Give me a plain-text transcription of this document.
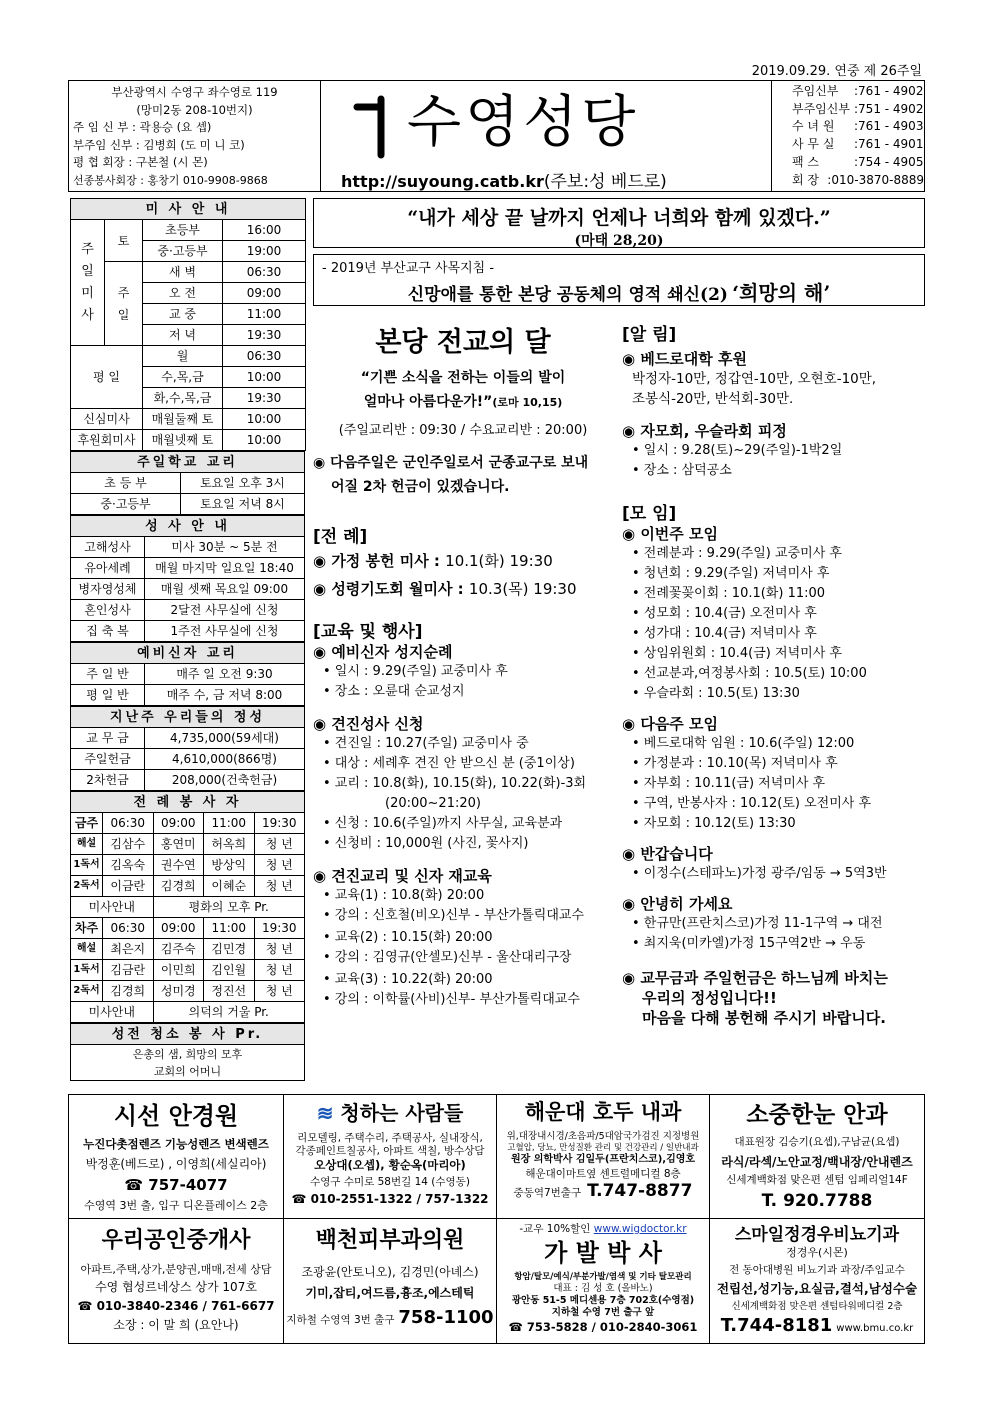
2019.09.29. 연중 제 26주일
부산광역시 수영구 좌수영로 119
(망미2동 208-10번지)
주 임 신 부 : 곽용승 (요 셉)
부주임 신부 : 김병희 (도 미 니 코)
평 협 회장 : 구본철 (시 몬)
선종봉사회장 : 홍창기 010-9908-9868
수영성당
http://suyoung.catb.kr(주보:성 베드로)
주임신부	: 761 - 4902
부주임신부 : 751 - 4902
수 녀 원	: 761 - 4903
사 무 실	: 761 - 4901
팩 스	: 754 - 4905
회 장 : 010-3870-8889
미 사 안 내			
주일미사	토	초등부	16:00
		중·고등부	19:00
	주일	새 벽	06:30
		오 전	09:00
		교 중	11:00
		저 녁	19:30
평 일		월	06:30
		수,목,금	10:00
		화,수,목,금	19:30
신심미사		매월둘째 토	10:00
후원회미사		매월넷째 토	10:00
주일학교 교리	
초 등 부	토요일 오후 3시
중·고등부	토요일 저녁 8시
성 사 안 내	
고해성사	미사 30분 ~ 5분 전
유아세례	매월 마지막 일요일 18:40
병자영성체	매월 셋째 목요일 09:00
혼인성사	2달전 사무실에 신청
집 축 복	1주전 사무실에 신청
예비신자 교리	
주 일 반	매주 일 오전 9:30
평 일 반	매주 수, 금 저녁 8:00
지난주 우리들의 정성	
교 무 금	4,735,000(59세대)
주일헌금	4,610,000(866명)
2차헌금	208,000(건축헌금)
전 례 봉 사 자				
금주	06:30	09:00	11:00	19:30
해설	김삼수	홍연미	허옥희	청 년
1독서	김옥숙	권수연	방상익	청 년
2독서	이금란	김경희	이혜순	청 년
미사안내		평화의 모후 Pr.		
차주	06:30	09:00	11:00	19:30
해설	최은지	김주숙	김민경	청 년
1독서	김금란	이민희	김인월	청 년
2독서	김경희	성미경	정진선	청 년
미사안내		의덕의 거울 Pr.		
성전 청소 봉 사 Pr.

은총의 샘, 희망의 모후
교회의 어머니
“내가 세상 끝 날까지 언제나 너희와 함께 있겠다.”
(마태 28,20)
- 2019년 부산교구 사목지침 -
신망애를 통한 본당 공동체의 영적 쇄신(2) ‘희망의 해’
본당 전교의 달
“기쁜 소식을 전하는 이들의 발이
얼마나 아름다운가!”(로마 10,15)
(주일교리반 : 09:30 / 수요교리반 : 20:00)
◉ 다음주일은 군인주일로서 군종교구로 보내
어질 2차 헌금이 있겠습니다.
[전 례]
◉ 가정 봉헌 미사 : 10.1(화) 19:30
◉ 성령기도회 월미사 : 10.3(목) 19:30
[교육 및 행사]
◉ 예비신자 성지순례
• 일시 : 9.29(주일) 교중미사 후
• 장소 : 오륜대 순교성지
◉ 견진성사 신청
• 견진일 : 10.27(주일) 교중미사 중
• 대상 : 세례후 견진 안 받으신 분 (중1이상)
• 교리 : 10.8(화), 10.15(화), 10.22(화)-3회
(20:00~21:20)
• 신청 : 10.6(주일)까지 사무실, 교육분과
• 신청비 : 10,000원 (사진, 꽃사지)
◉ 견진교리 및 신자 재교육
• 교육(1) : 10.8(화) 20:00
• 강의 : 신호철(비오)신부 - 부산가톨릭대교수
• 교육(2) : 10.15(화) 20:00
• 강의 : 김영규(안셀모)신부 - 울산대리구장
• 교육(3) : 10.22(화) 20:00
• 강의 : 이학률(사비)신부- 부산가톨릭대교수
[알 림]
◉ 베드로대학 후원
박정자-10만, 정갑연-10만, 오현호-10만,
조봉식-20만, 반석회-30만.
◉ 자모회, 우슬라회 피정
• 일시 : 9.28(토)~29(주일)-1박2일
• 장소 : 삼덕공소
[모 임]
◉ 이번주 모임
• 전례분과 : 9.29(주일) 교중미사 후
• 청년회 : 9.29(주일) 저녁미사 후
• 전례꽃꽂이회 : 10.1(화) 11:00
• 성모회 : 10.4(금) 오전미사 후
• 성가대 : 10.4(금) 저녁미사 후
• 상임위원회 : 10.4(금) 저녁미사 후
• 선교분과,여정봉사회 : 10.5(토) 10:00
• 우슬라회 : 10.5(토) 13:30
◉ 다음주 모임
• 베드로대학 임원 : 10.6(주일) 12:00
• 가정분과 : 10.10(목) 저녁미사 후
• 자부회 : 10.11(금) 저녁미사 후
• 구역, 반봉사자 : 10.12(토) 오전미사 후
• 자모회 : 10.12(토) 13:30
◉ 반갑습니다
• 이정수(스테파노)가정 광주/임동 → 5역3반
◉ 안녕히 가세요
• 한규만(프란치스코)가정 11-1구역 → 대전
• 최지욱(미카엘)가정 15구역2반 → 우동
◉ 교무금과 주일헌금은 하느님께 바치는
우리의 정성입니다!!
마음을 다해 봉헌해 주시기 바랍니다.
시선 안경원
누진다촛점렌즈 기능성렌즈 변색렌즈
박정훈(베드로) , 이영희(세실리아)
☎ 757-4077
수영역 3번 출, 입구 디온플레이스 2층
≋ 청하는 사람들
리모델링, 주택수리, 주택공사, 실내장식,
각종페인트칠공사, 아파트 색칠, 방수상담
오상대(오셉), 황순옥(마리아)
수영구 수미로 58번길 14 (수영동)
☎ 010-2551-1322 / 757-1322
해운대 호두 내과
위,대장내시경/초음파/5대암국가검진 지정병원
고혈압, 당뇨, 만성질환 관리 및 건강관리 / 일반내과
원장 의학박사 김일두(프란치스코),김영호
해운대이마트옆 센트럴메디컬 8층
중동역7번출구 T.747-8877
소중한눈 안과
대표원장 김승기(요셉),구남균(요셉)
라식/라섹/노안교정/백내장/안내렌즈
신세계백화점 맞은편 센텀 임페리얼14F
T. 920.7788
우리공인중개사
아파트,주택,상가,분양권,매매,전세 상담
수영 협성르네상스 상가 107호
☎ 010-3840-2346 / 761-6677
소장 : 이 말 희 (요안나)
백천피부과의원
조광윤(안토니오), 김경민(아녜스)
기미,잡티,여드름,흉조,에스테틱
지하철 수영역 3번 출구 758-1100
-교우 10%할인 www.wigdoctor.kr
가 발 박 사
항암/탈모/예식/부분가발/염색 및 기타 탈모관리
대표 : 김 성 호 (올바노)
광안동 51-5 메디센용 7층 702호(수영점)
지하철 수영 7번 출구 앞
☎ 753-5828 / 010-2840-3061
스마일정경우비뇨기과
정경우(시몬)
전 동아대병원 비뇨기과 과장/주임교수
전립선,성기능,요실금,결석,남성수술
신세계백화점 맞은편 센텀타워메디컬 2층
T.744-8181 www.bmu.co.kr
